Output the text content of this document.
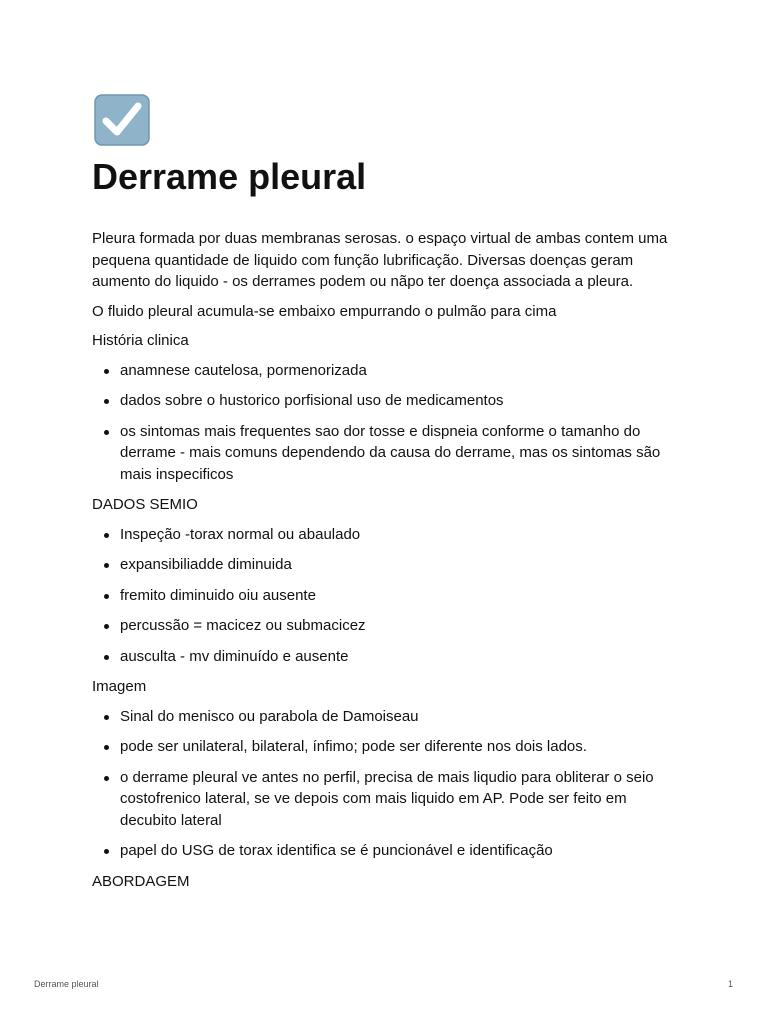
Derrame pleural

Pleura formada por duas membranas serosas. o espaço virtual de ambas contem uma pequena quantidade de liquido com função lubrificação. Diversas doenças geram aumento do liquido - os derrames podem ou nãpo ter doença associada a pleura.

O fluido pleural acumula-se embaixo empurrando o pulmão para cima

História clinica

anamnese cautelosa, pormenorizada
dados sobre o hustorico porfisional uso de medicamentos
os sintomas mais frequentes sao dor tosse e dispneia conforme o tamanho do derrame - mais comuns dependendo da causa do derrame, mas os sintomas são mais inspecificos

DADOS SEMIO

Inspeção -torax normal ou abaulado
expansibiliadde diminuida
fremito diminuido oiu ausente
percussão = macicez ou submacicez
ausculta - mv diminuído e ausente

Imagem

Sinal do menisco ou parabola de Damoiseau
pode ser unilateral, bilateral, ínfimo; pode ser diferente nos dois lados.
o derrame pleural ve antes no perfil, precisa de mais liqudio para obliterar o seio costofrenico lateral, se ve depois com mais liquido em AP. Pode ser feito em decubito lateral
papel do USG de torax identifica se é puncionável e identificação

ABORDAGEM

Derrame pleural	1
